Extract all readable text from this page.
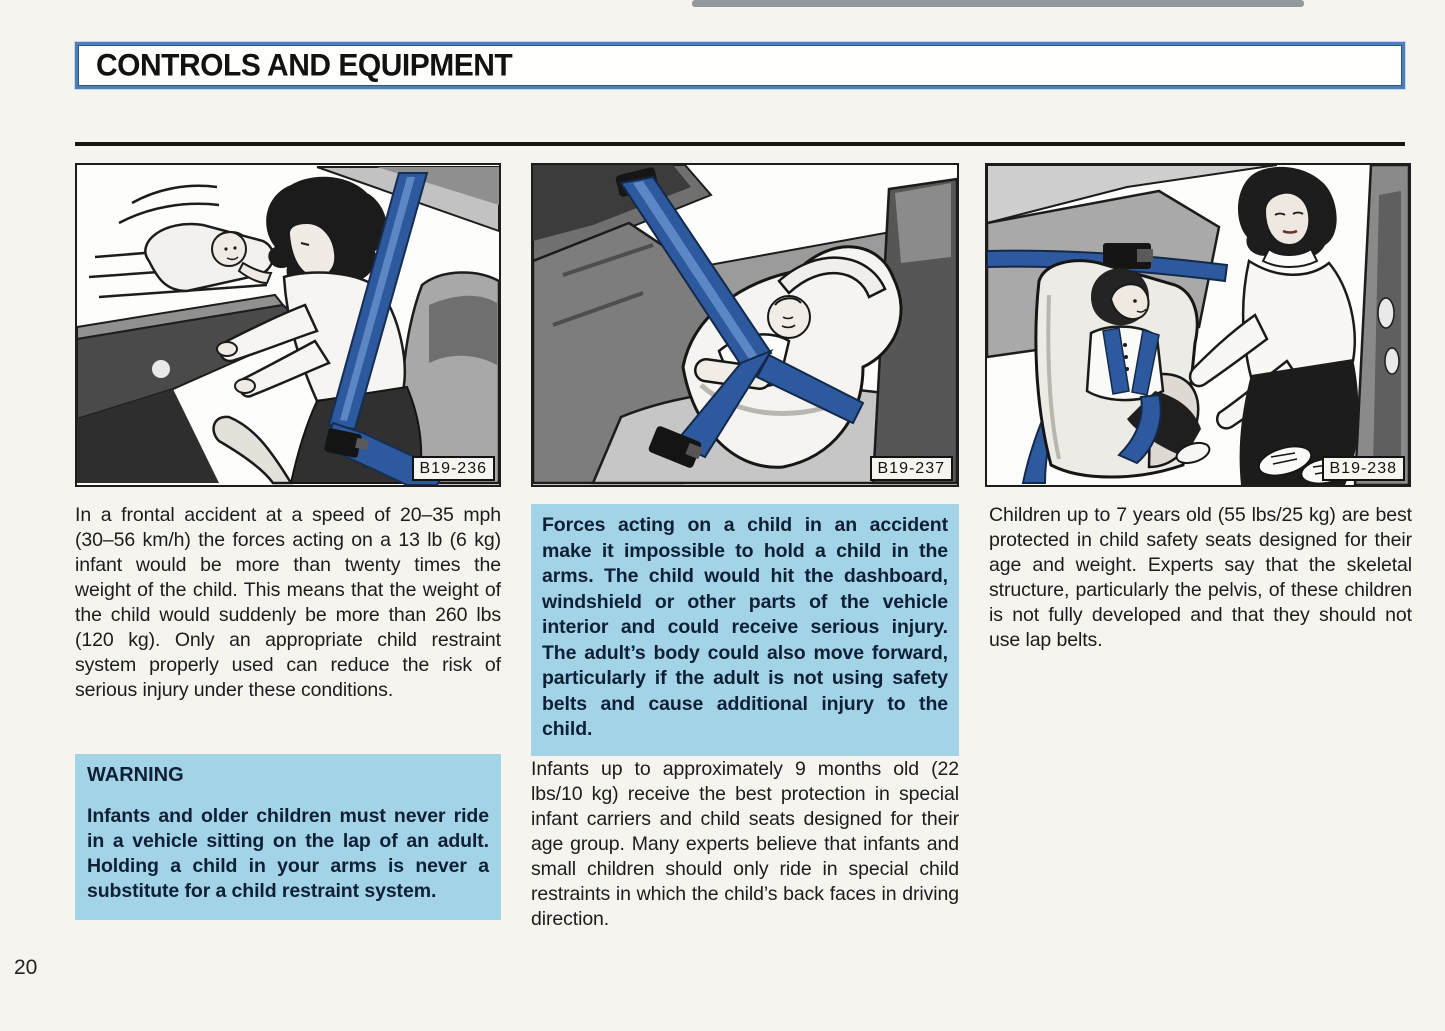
CONTROLS AND EQUIPMENT
B19-236	B19-237	B19-238
In a frontal accident at a speed of 20–35 mph (30–56 km/h) the forces acting on a 13 lb (6 kg) infant would be more than twenty times the weight of the child. This means that the weight of the child would suddenly be more than 260 lbs (120 kg). Only an appropriate child restraint system properly used can reduce the risk of serious injury under these conditions.
WARNING
Infants and older children must never ride in a vehicle sitting on the lap of an adult. Holding a child in your arms is never a substitute for a child restraint system.
Forces acting on a child in an accident make it impossible to hold a child in the arms. The child would hit the dashboard, windshield or other parts of the vehicle interior and could receive serious injury. The adult’s body could also move forward, particularly if the adult is not using safety belts and cause additional injury to the child.
Infants up to approximately 9 months old (22 lbs/10 kg) receive the best protection in special infant carriers and child seats designed for their age group. Many experts believe that infants and small children should only ride in special child restraints in which the child’s back faces in driving direction.
Children up to 7 years old (55 lbs/25 kg) are best protected in child safety seats designed for their age and weight. Experts say that the skeletal structure, particularly the pelvis, of these children is not fully developed and that they should not use lap belts.
20
